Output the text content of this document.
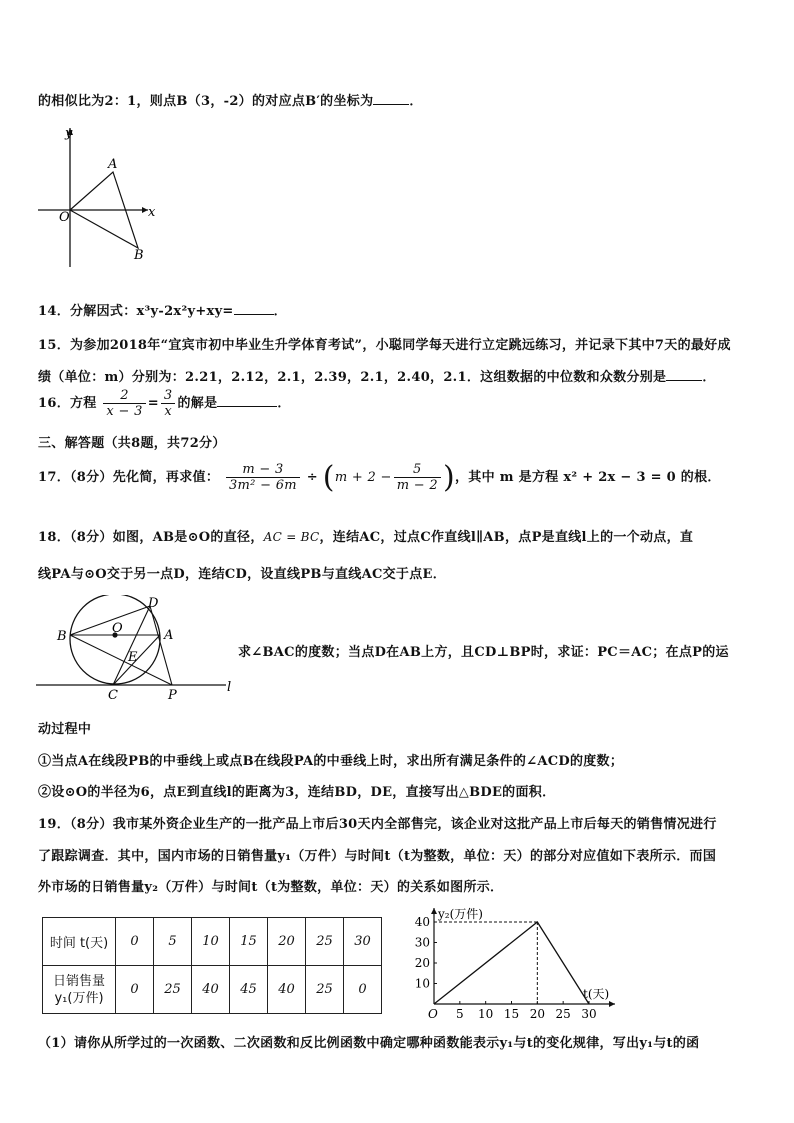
的相似比为2：1，则点B（3，-2）的对应点B′的坐标为	．
y
x
O
A
B
14．分解因式：x³y-2x²y+xy=	．
15．为参加2018年“宜宾市初中毕业生升学体育考试”，小聪同学每天进行立定跳远练习，并记录下其中7天的最好成
绩（单位：m）分别为：2.21，2.12，2.1，2.39，2.1，2.40，2.1．这组数据的中位数和众数分别是	．
16．方程 $\frac{2}{x - 3} = \frac{3}{x}$ 的解是	．
三、解答题（共8题，共72分）
17．（8分）先化简，再求值： $\frac{m - 3}{\text{3m² − 6m}} \div (m + 2 - \frac{5}{m - 2}$ )，其中 m 是方程 x² + 2x − 3 = 0 的根．
18．（8分）如图，AB是⊙O的直径，AC = BC，连结AC，过点C作直线l∥AB，点P是直线l上的一个动点，直
线PA与⊙O交于另一点D，连结CD，设直线PB与直线AC交于点E．
D
O
B	A
E
C	P
l
求∠BAC的度数；当点D在AB上方，且CD⊥BP时，求证：PC＝AC；在点P的运
动过程中
①当点A在线段PB的中垂线上或点B在线段PA的中垂线上时，求出所有满足条件的∠ACD的度数；
②设⊙O的半径为6，点E到直线l的距离为3，连结BD，DE，直接写出△BDE的面积．
19．（8分）我市某外资企业生产的一批产品上市后30天内全部售完，该企业对这批产品上市后每天的销售情况进行
了跟踪调查．其中，国内市场的日销售量y₁（万件）与时间t（t为整数，单位：天）的部分对应值如下表所示．而国
外市场的日销售量y₂（万件）与时间t（t为整数，单位：天）的关系如图所示．
时间 t(天)	0	5	10	15	20	25	30
日销售量
y₁(万件)	0	25	40	45	40	25	0
y₂(万件)
t(天)
O 5 10 15 20 25 30
10
20
30
40
（1）请你从所学过的一次函数、二次函数和反比例函数中确定哪种函数能表示y₁与t的变化规律，写出y₁与t的函
